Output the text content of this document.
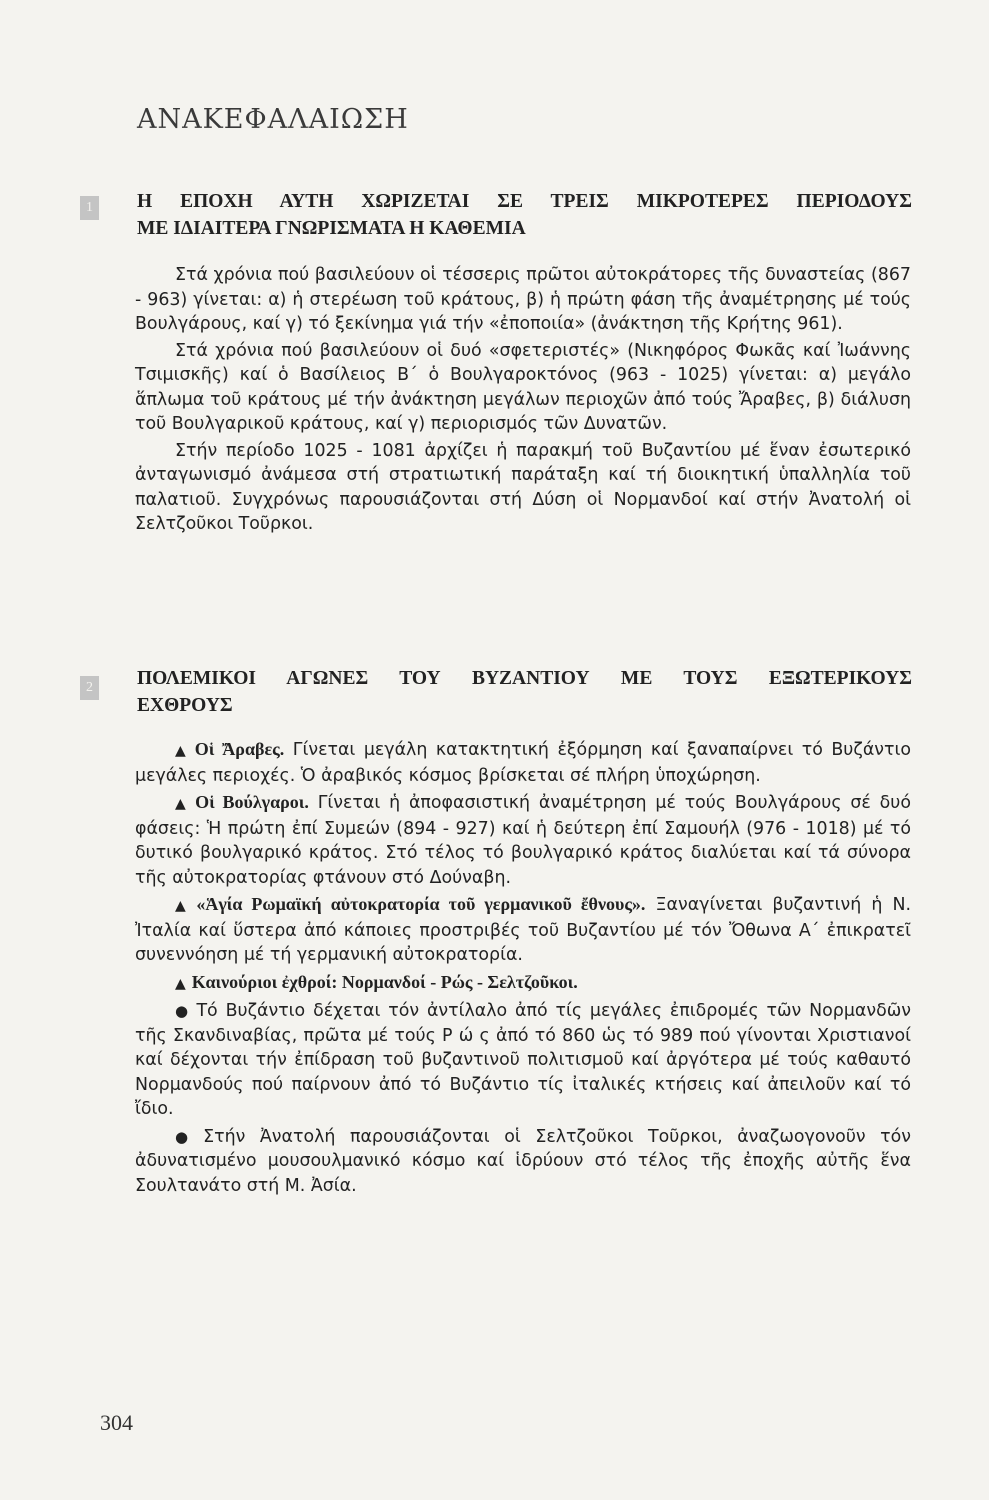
ΑΝΑΚΕΦΑΛΑΙΩΣΗ
1	Η ΕΠΟΧΗ ΑΥΤΗ ΧΩΡΙΖΕΤΑΙ ΣΕ ΤΡΕΙΣ ΜΙΚΡΟΤΕΡΕΣ ΠΕΡΙΟΔΟΥΣ
ΜΕ ΙΔΙΑΙΤΕΡΑ ΓΝΩΡΙΣΜΑΤΑ Η ΚΑΘΕΜΙΑ

Στά χρόνια πού βασιλεύουν οἱ τέσσερις πρῶτοι αὐτοκράτορες τῆς δυναστείας (867 - 963) γίνεται: α) ἡ στερέωση τοῦ κράτους, β) ἡ πρώτη φάση τῆς ἀναμέτρησης μέ τούς Βουλγάρους, καί γ) τό ξεκίνημα γιά τήν «ἐποποιία» (ἀνάκτηση τῆς Κρήτης 961).

Στά χρόνια πού βασιλεύουν οἱ δυό «σφετεριστές» (Νικηφόρος Φωκᾶς καί Ἰωάννης Τσιμισκῆς) καί ὁ Βασίλειος Β΄ ὁ Βουλγαροκτόνος (963 - 1025) γίνεται: α) μεγάλο ἅπλωμα τοῦ κράτους μέ τήν ἀνάκτηση μεγάλων περιοχῶν ἀπό τούς Ἄραβες, β) διάλυση τοῦ Βουλγαρικοῦ κράτους, καί γ) περιορισμός τῶν Δυνατῶν.

Στήν περίοδο 1025 - 1081 ἀρχίζει ἡ παρακμή τοῦ Βυζαντίου μέ ἕναν ἐσωτερικό ἀνταγωνισμό ἀνάμεσα στή στρατιωτική παράταξη καί τή διοικητική ὑπαλληλία τοῦ παλατιοῦ. Συγχρόνως παρουσιάζονται στή Δύση οἱ Νορμανδοί καί στήν Ἀνατολή οἱ Σελτζοῦκοι Τοῦρκοι.

2	ΠΟΛΕΜΙΚΟΙ ΑΓΩΝΕΣ ΤΟΥ ΒΥΖΑΝΤΙΟΥ ΜΕ ΤΟΥΣ ΕΞΩΤΕΡΙΚΟΥΣ
ΕΧΘΡΟΥΣ

▲ Οἱ Ἄραβες. Γίνεται μεγάλη κατακτητική ἐξόρμηση καί ξαναπαίρνει τό Βυζάντιο μεγάλες περιοχές. Ὁ ἀραβικός κόσμος βρίσκεται σέ πλήρη ὑποχώρηση.

▲ Οἱ Βούλγαροι. Γίνεται ἡ ἀποφασιστική ἀναμέτρηση μέ τούς Βουλγάρους σέ δυό φάσεις: Ἡ πρώτη ἐπί Συμεών (894 - 927) καί ἡ δεύτερη ἐπί Σαμουήλ (976 - 1018) μέ τό δυτικό βουλγαρικό κράτος. Στό τέλος τό βουλγαρικό κράτος διαλύεται καί τά σύνορα τῆς αὐτοκρατορίας φτάνουν στό Δούναβη.

▲ «Ἁγία Ρωμαϊκή αὐτοκρατορία τοῦ γερμανικοῦ ἔθνους». Ξαναγίνεται βυζαντινή ἡ Ν. Ἰταλία καί ὕστερα ἀπό κάποιες προστριβές τοῦ Βυζαντίου μέ τόν Ὄθωνα Α΄ ἐπικρατεῖ συνεννόηση μέ τή γερμανική αὐτοκρατορία.

▲ Καινούριοι ἐχθροί: Νορμανδοί - Ρώς - Σελτζοῦκοι.

● Τό Βυζάντιο δέχεται τόν ἀντίλαλο ἀπό τίς μεγάλες ἐπιδρομές τῶν Νορμανδῶν τῆς Σκανδιναβίας, πρῶτα μέ τούς Ρ ώ ς ἀπό τό 860 ὡς τό 989 πού γίνονται Χριστιανοί καί δέχονται τήν ἐπίδραση τοῦ βυζαντινοῦ πολιτισμοῦ καί ἀργότερα μέ τούς καθαυτό Νορμανδούς πού παίρνουν ἀπό τό Βυζάντιο τίς ἰταλικές κτήσεις καί ἀπειλοῦν καί τό ἴδιο.

● Στήν Ἀνατολή παρουσιάζονται οἱ Σελτζοῦκοι Τοῦρκοι, ἀναζωογονοῦν τόν ἀδυνατισμένο μουσουλμανικό κόσμο καί ἱδρύουν στό τέλος τῆς ἐποχῆς αὐτῆς ἕνα Σουλτανάτο στή Μ. Ἀσία.

304
